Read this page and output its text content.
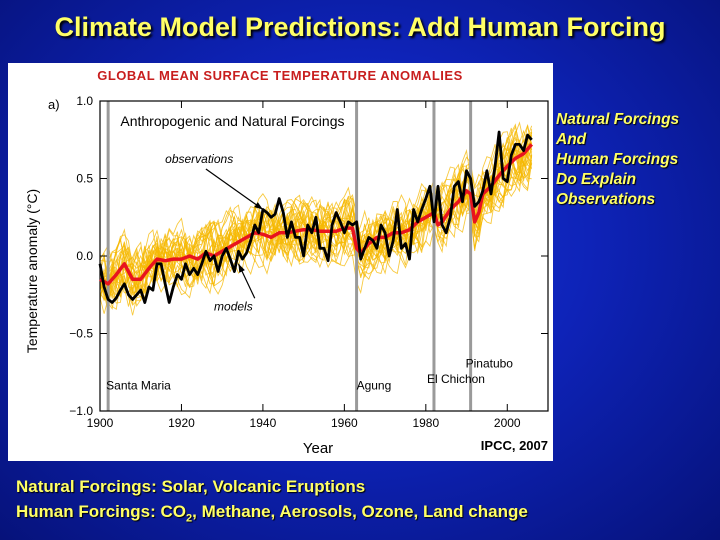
Climate Model Predictions: Add Human Forcing
GLOBAL MEAN SURFACE TEMPERATURE ANOMALIES
a)
Temperature anomaly (°C)
Year	IPCC, 2007
−1.0
−0.5
0.0
0.5
1.0
1900	1920	1940	1960	1980	2000
Anthropogenic and Natural Forcings
observations
models
Santa Maria	Agung	El Chichon
Pinatubo
Natural Forcings
And
Human Forcings
Do Explain
Observations
Natural Forcings: Solar, Volcanic Eruptions
Human Forcings: $CO_2$, Methane, Aerosols, Ozone, Land change
